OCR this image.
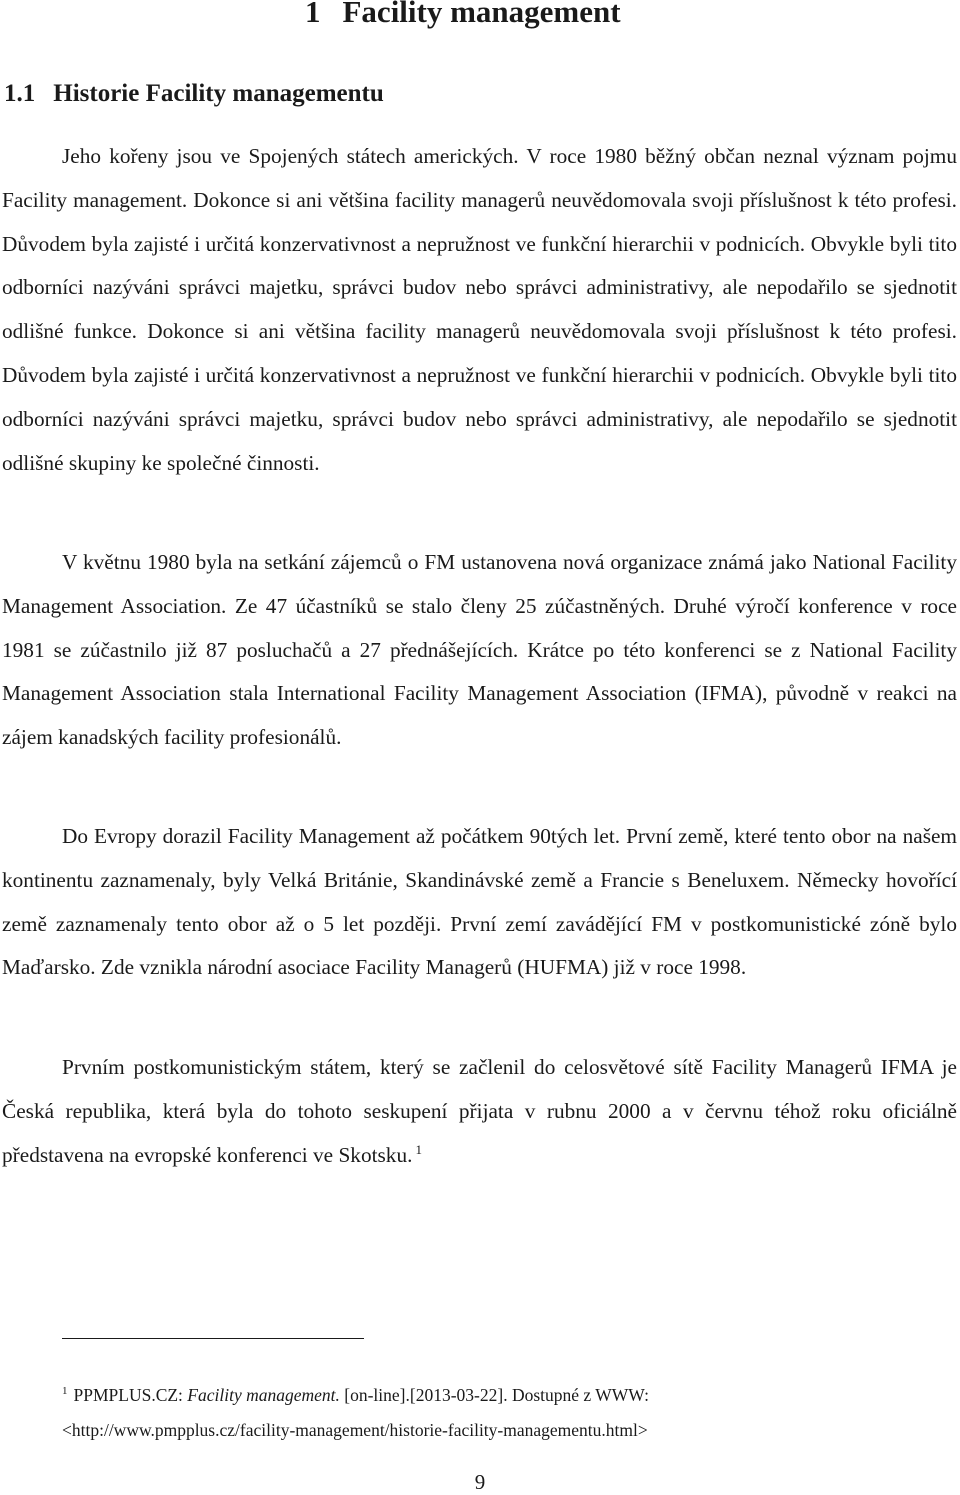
1 Facility management
1.1 Historie Facility managementu

Jeho kořeny jsou ve Spojených státech amerických. V roce 1980 běžný občan neznal význam pojmu Facility management. Dokonce si ani většina facility managerů neuvědomovala svoji příslušnost k této profesi. Důvodem byla zajisté i určitá konzervativnost a nepružnost ve funkční hierarchii v podnicích. Obvykle byli tito odborníci nazýváni správci majetku, správci budov nebo správci administrativy, ale nepodařilo se sjednotit odlišné funkce. Dokonce si ani většina facility managerů neuvědomovala svoji příslušnost k této profesi. Důvodem byla zajisté i určitá konzervativnost a nepružnost ve funkční hierarchii v podnicích. Obvykle byli tito odborníci nazýváni správci majetku, správci budov nebo správci administrativy, ale nepodařilo se sjednotit odlišné skupiny ke společné činnosti.

V květnu 1980 byla na setkání zájemců o FM ustanovena nová organizace známá jako National Facility Management Association. Ze 47 účastníků se stalo členy 25 zúčastněných. Druhé výročí konference v roce 1981 se zúčastnilo již 87 posluchačů a 27 přednášejících. Krátce po této konferenci se z National Facility Management Association stala International Facility Management Association (IFMA), původně v reakci na zájem kanadských facility profesionálů.

Do Evropy dorazil Facility Management až počátkem 90tých let. První země, které tento obor na našem kontinentu zaznamenaly, byly Velká Británie, Skandinávské země a Francie s Beneluxem. Německy hovořící země zaznamenaly tento obor až o 5 let později. První zemí zavádějící FM v postkomunistické zóně bylo Maďarsko. Zde vznikla národní asociace Facility Managerů (HUFMA) již v roce 1998.

Prvním postkomunistickým státem, který se začlenil do celosvětové sítě Facility Managerů IFMA je Česká republika, která byla do tohoto seskupení přijata v rubnu 2000 a v červnu téhož roku oficiálně představena na evropské konferenci ve Skotsku. $^1$

$^1$ PPMPLUS.CZ: Facility management. [on-line].[2013-03-22]. Dostupné z WWW:
<http://www.pmpplus.cz/facility-management/historie-facility-managementu.html>
9
